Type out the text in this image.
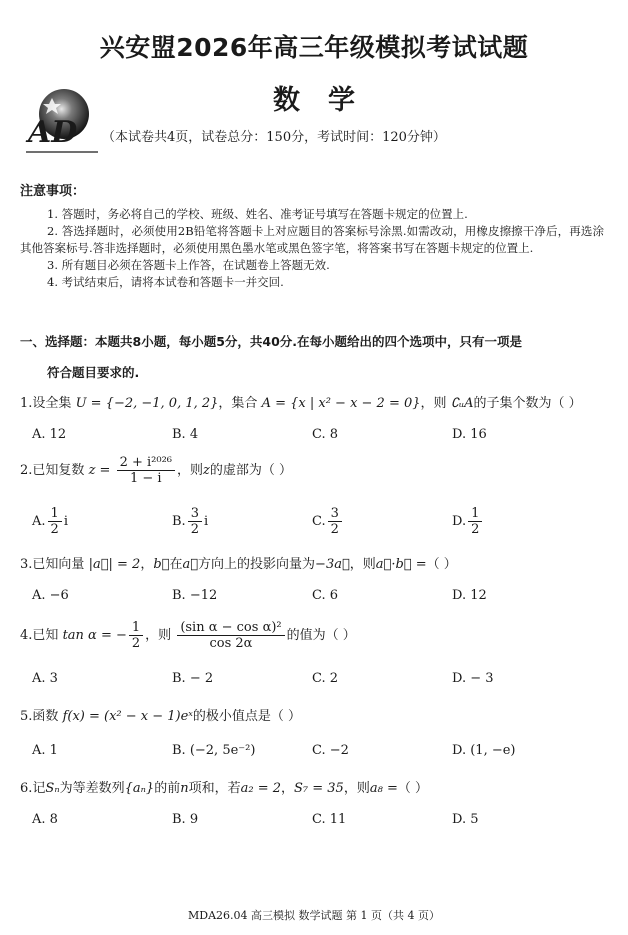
兴安盟2026年高三年级模拟考试试题
数学
AD （本试卷共4页，试卷总分：150分，考试时间：120分钟）
注意事项：

1. 答题时，务必将自己的学校、班级、姓名、准考证号填写在答题卡规定的位置上.

2. 答选择题时，必须使用2B铅笔将答题卡上对应题目的答案标号涂黑.如需改动，用橡皮擦擦干净后，再选涂其他答案标号.答非选择题时，必须使用黑色墨水笔或黑色签字笔，将答案书写在答题卡规定的位置上.

3. 所有题目必须在答题卡上作答，在试题卷上答题无效.

4. 考试结束后，请将本试卷和答题卡一并交回.

一、选择题：本题共8小题，每小题5分，共40分.在每小题给出的四个选项中，只有一项是
符合题目要求的.
1.设全集 U = {−2, −1, 0, 1, 2}，集合 A = {x | x² − x − 2 = 0}，则 ∁ᵤA的子集个数为（ ）
A. 12	B. 4	C. 8	D. 16
2.已知复数 $z = \frac{\text{2 + i²⁰²⁶}}{1 - i}$ ，则z的虚部为（ ）
A. $\frac{1}{2}$ i	B. $\frac{3}{2}$ i	C. $\frac{3}{2}$	D. $\frac{1}{2}$
3.已知向量 |a⃗| = 2，b⃗在a⃗方向上的投影向量为−3a⃗，则a⃗·b⃗ =（ ）
A. −6	B. −12	C. 6	D. 12
4.已知 tan α = − $\frac{1}{2}$ ，则 $\frac{\text{(sin α − cos α)²}}{\cos 2\alpha}$ 的值为（ ）
A. 3	B. − 2	C. 2	D. − 3
5.函数 f(x) = (x² − x − 1)eˣ的极小值点是（ ）
A. 1	B. (−2, 5e⁻²)	C. −2	D. (1, −e)
6.记Sₙ为等差数列{aₙ}的前n项和，若a₂ = 2，S₇ = 35，则a₈ =（ ）
A. 8	B. 9	C. 11	D. 5
MDA26.04 高三模拟 数学试题 第 1 页（共 4 页）
